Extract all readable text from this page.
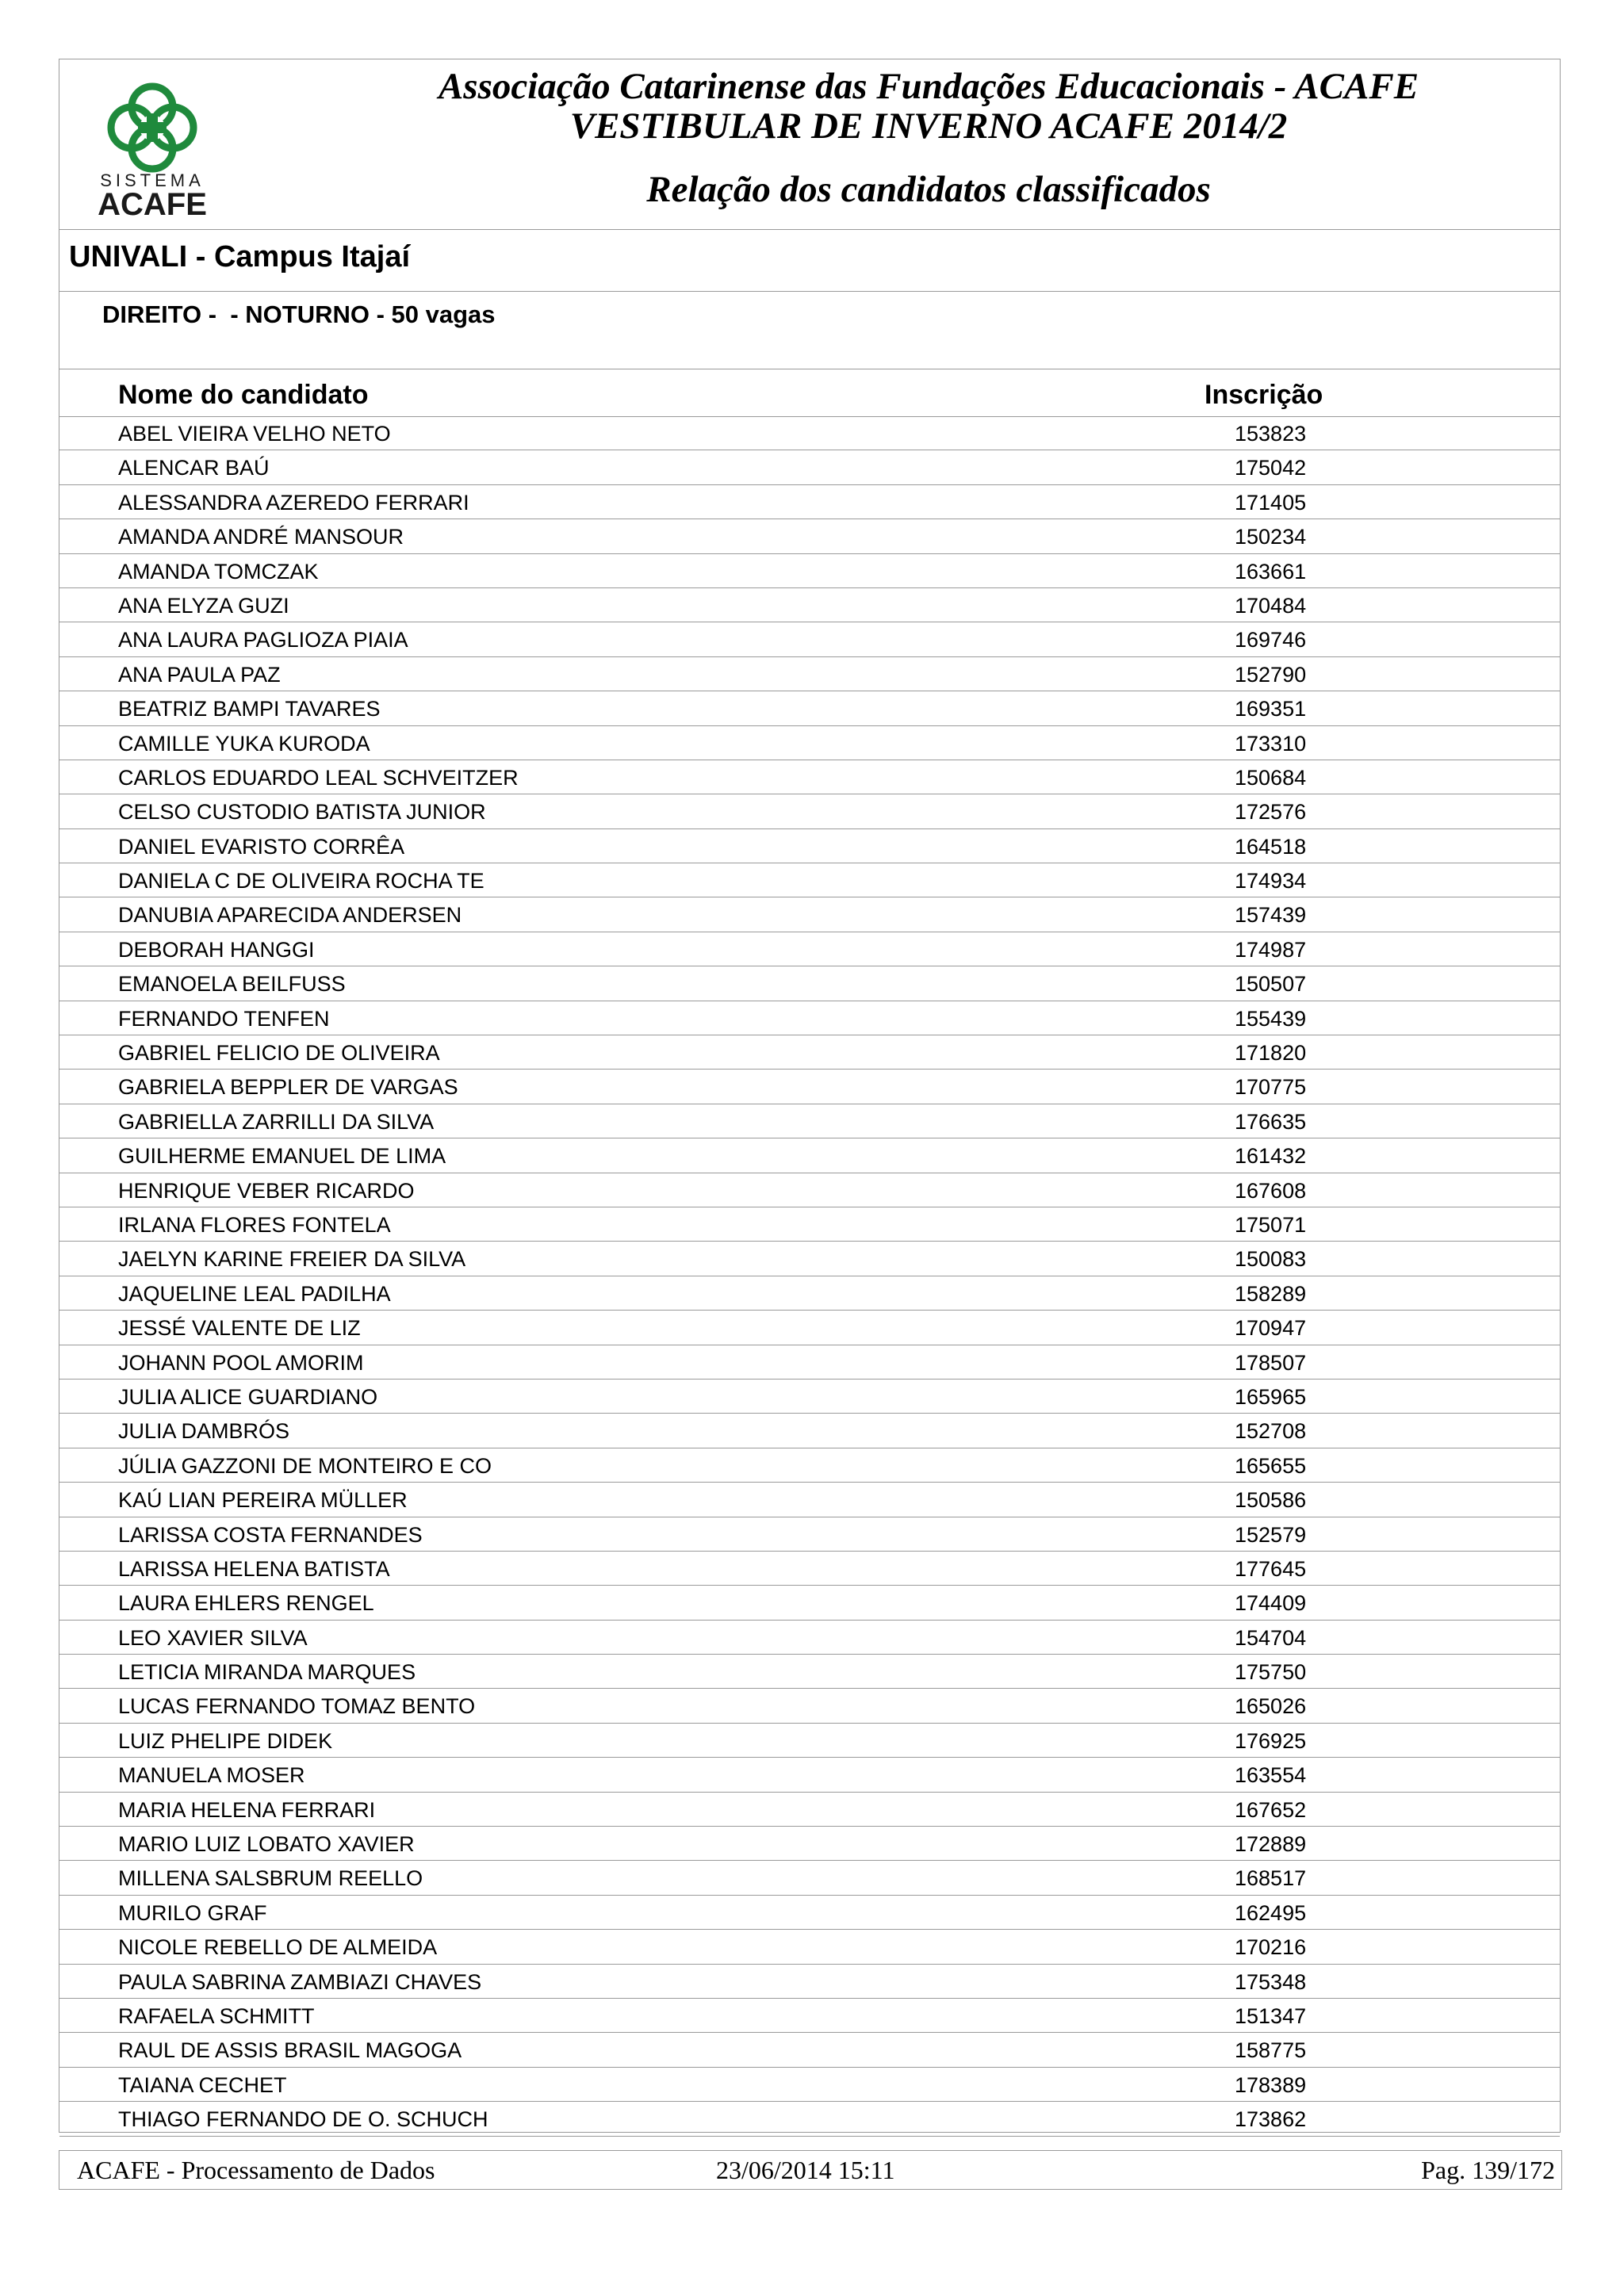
SISTEMA
ACAFE
Associação Catarinense das Fundações Educacionais - ACAFE
VESTIBULAR DE INVERNO ACAFE 2014/2
Relação dos candidatos classificados
UNIVALI - Campus Itajaí
DIREITO -  - NOTURNO - 50 vagas
Nome do candidato	Inscrição
ABEL VIEIRA VELHO NETO	153823
ALENCAR BAÚ	175042
ALESSANDRA AZEREDO FERRARI	171405
AMANDA ANDRÉ MANSOUR	150234
AMANDA TOMCZAK	163661
ANA ELYZA GUZI	170484
ANA LAURA PAGLIOZA PIAIA	169746
ANA PAULA PAZ	152790
BEATRIZ BAMPI TAVARES	169351
CAMILLE YUKA KURODA	173310
CARLOS EDUARDO LEAL SCHVEITZER	150684
CELSO CUSTODIO BATISTA JUNIOR	172576
DANIEL EVARISTO CORRÊA	164518
DANIELA C DE OLIVEIRA ROCHA TE	174934
DANUBIA APARECIDA ANDERSEN	157439
DEBORAH HANGGI	174987
EMANOELA BEILFUSS	150507
FERNANDO TENFEN	155439
GABRIEL FELICIO DE OLIVEIRA	171820
GABRIELA BEPPLER DE VARGAS	170775
GABRIELLA ZARRILLI DA SILVA	176635
GUILHERME EMANUEL DE LIMA	161432
HENRIQUE VEBER RICARDO	167608
IRLANA FLORES FONTELA	175071
JAELYN KARINE FREIER DA SILVA	150083
JAQUELINE LEAL PADILHA	158289
JESSÉ VALENTE DE LIZ	170947
JOHANN POOL AMORIM	178507
JULIA ALICE GUARDIANO	165965
JULIA DAMBRÓS	152708
JÚLIA GAZZONI DE MONTEIRO E CO	165655
KAÚ LIAN PEREIRA MÜLLER	150586
LARISSA COSTA FERNANDES	152579
LARISSA HELENA BATISTA	177645
LAURA EHLERS RENGEL	174409
LEO XAVIER SILVA	154704
LETICIA MIRANDA MARQUES	175750
LUCAS FERNANDO TOMAZ BENTO	165026
LUIZ PHELIPE DIDEK	176925
MANUELA MOSER	163554
MARIA HELENA FERRARI	167652
MARIO LUIZ LOBATO XAVIER	172889
MILLENA SALSBRUM REELLO	168517
MURILO GRAF	162495
NICOLE REBELLO DE ALMEIDA	170216
PAULA SABRINA ZAMBIAZI CHAVES	175348
RAFAELA SCHMITT	151347
RAUL DE ASSIS BRASIL MAGOGA	158775
TAIANA CECHET	178389
THIAGO FERNANDO DE O. SCHUCH	173862
ACAFE - Processamento de Dados	23/06/2014 15:11	Pag. 139/172
